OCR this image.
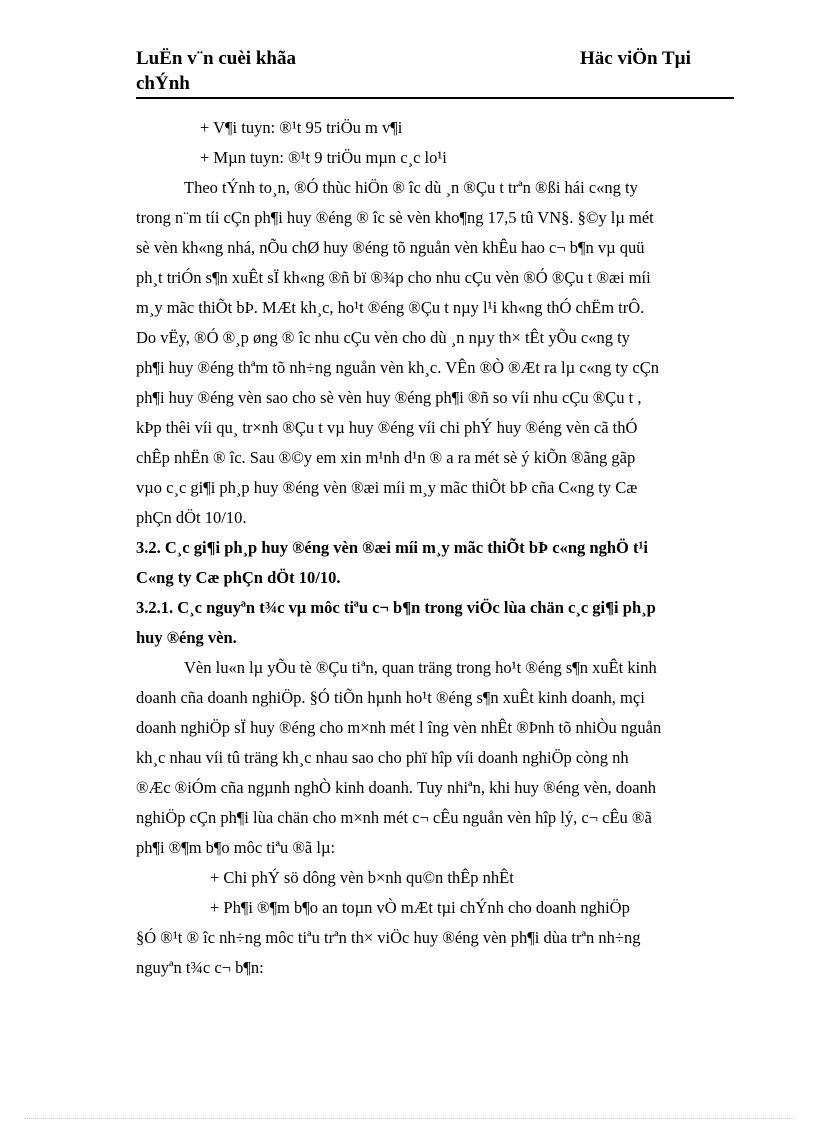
LuËn v¨n cuèi khãa
chÝnh
Häc viÖn Tµi
+ V¶i tuyn: ®¹t 95 triÖu m v¶i
+ Mµn tuyn: ®¹t 9 triÖu mµn c¸c lo¹i
Theo tÝnh to¸n, ®Ó thùc hiÖn ® îc dù ¸n ®Çu t trªn ®ßi hái c«ng ty
trong n¨m tíi cÇn ph¶i huy ®éng ® îc sè vèn kho¶ng 17,5 tû VN§. §©y lµ mét
sè vèn kh«ng nhá, nÕu chØ huy ®éng tõ nguån vèn khÊu hao c¬ b¶n vµ quü
ph¸t triÓn s¶n xuÊt sÏ kh«ng ®ñ bï ®¾p cho nhu cÇu vèn ®Ó ®Çu t ®æi míi
m¸y mãc thiÕt bÞ. MÆt kh¸c, ho¹t ®éng ®Çu t nµy l¹i kh«ng thÓ chËm trÔ.
Do vËy, ®Ó ®¸p øng ® îc nhu cÇu vèn cho dù ¸n nµy th× tÊt yÕu c«ng ty
ph¶i huy ®éng thªm tõ nh÷ng nguån vèn kh¸c. VÊn ®Ò ®Æt ra lµ c«ng ty cÇn
ph¶i huy ®éng vèn sao cho sè vèn huy ®éng ph¶i ®ñ so víi nhu cÇu ®Çu t ,
kÞp thêi víi qu¸ tr×nh ®Çu t vµ huy ®éng víi chi phÝ huy ®éng vèn cã thÓ
chÊp nhËn ® îc. Sau ®©y em xin m¹nh d¹n ® a ra mét sè ý kiÕn ®ãng gãp
vµo c¸c gi¶i ph¸p huy ®éng vèn ®æi míi m¸y mãc thiÕt bÞ cña C«ng ty Cæ
phÇn dÖt 10/10.
3.2. C¸c gi¶i ph¸p huy ®éng vèn ®æi míi m¸y mãc thiÕt bÞ c«ng nghÖ t¹i
C«ng ty Cæ phÇn dÖt 10/10.
3.2.1. C¸c nguyªn t¾c vµ môc tiªu c¬ b¶n trong viÖc lùa chän c¸c gi¶i ph¸p
huy ®éng vèn.
Vèn lu«n lµ yÕu tè ®Çu tiªn, quan träng trong ho¹t ®éng s¶n xuÊt kinh
doanh cña doanh nghiÖp. §Ó tiÕn hµnh ho¹t ®éng s¶n xuÊt kinh doanh, mçi
doanh nghiÖp sÏ huy ®éng cho m×nh mét l îng vèn nhÊt ®Þnh tõ nhiÒu nguån
kh¸c nhau víi tû träng kh¸c nhau sao cho phï hîp víi doanh nghiÖp còng nh
®Æc ®iÓm cña ngµnh nghÒ kinh doanh. Tuy nhiªn, khi huy ®éng vèn, doanh
nghiÖp cÇn ph¶i lùa chän cho m×nh mét c¬ cÊu nguån vèn hîp lý, c¬ cÊu ®ã
ph¶i ®¶m b¶o môc tiªu ®ã lµ:
+ Chi phÝ sö dông vèn b×nh qu©n thÊp nhÊt
+ Ph¶i ®¶m b¶o an toµn vÒ mÆt tµi chÝnh cho doanh nghiÖp
§Ó ®¹t ® îc nh÷ng môc tiªu trªn th× viÖc huy ®éng vèn ph¶i dùa trªn nh÷ng
nguyªn t¾c c¬ b¶n:
